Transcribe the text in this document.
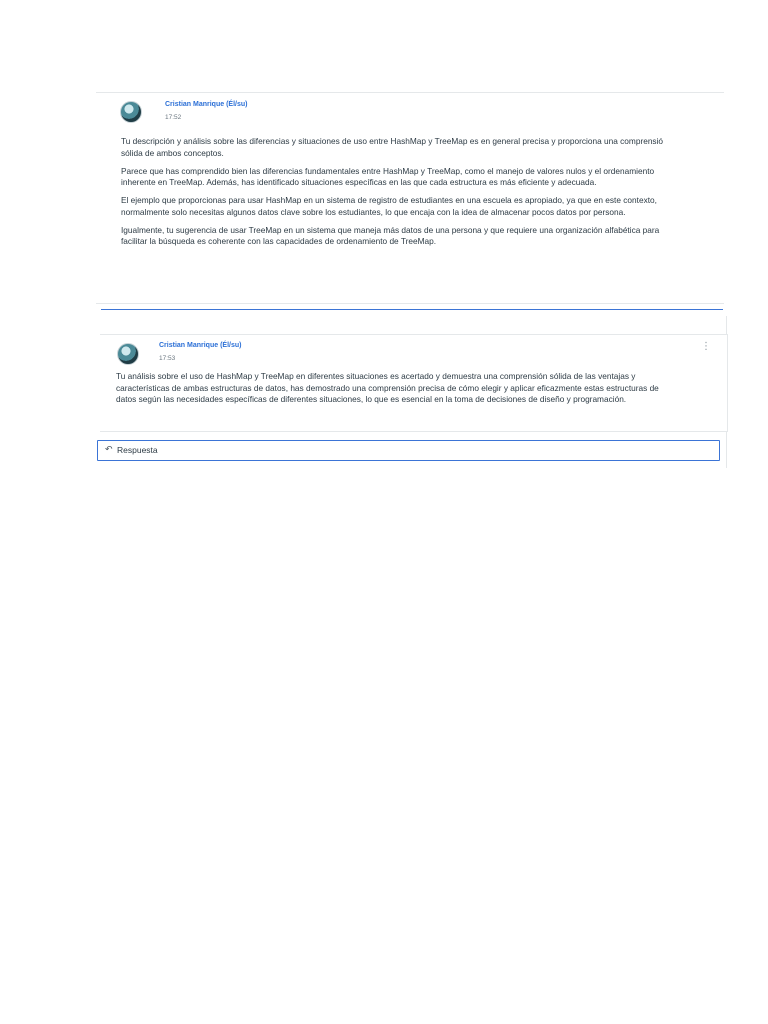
Cristian Manrique (Él/su)
17:52

Tu descripción y análisis sobre las diferencias y situaciones de uso entre HashMap y TreeMap es en general precisa y proporciona una comprensió
sólida de ambos conceptos.

Parece que has comprendido bien las diferencias fundamentales entre HashMap y TreeMap, como el manejo de valores nulos y el ordenamiento
inherente en TreeMap. Además, has identificado situaciones específicas en las que cada estructura es más eficiente y adecuada.

El ejemplo que proporcionas para usar HashMap en un sistema de registro de estudiantes en una escuela es apropiado, ya que en este contexto,
normalmente solo necesitas algunos datos clave sobre los estudiantes, lo que encaja con la idea de almacenar pocos datos por persona.

Igualmente, tu sugerencia de usar TreeMap en un sistema que maneja más datos de una persona y que requiere una organización alfabética para
facilitar la búsqueda es coherente con las capacidades de ordenamiento de TreeMap.

Cristian Manrique (Él/su)
17:53
⋮

Tu análisis sobre el uso de HashMap y TreeMap en diferentes situaciones es acertado y demuestra una comprensión sólida de las ventajas y
características de ambas estructuras de datos, has demostrado una comprensión precisa de cómo elegir y aplicar eficazmente estas estructuras de
datos según las necesidades específicas de diferentes situaciones, lo que es esencial en la toma de decisiones de diseño y programación.

↶ Respuesta
